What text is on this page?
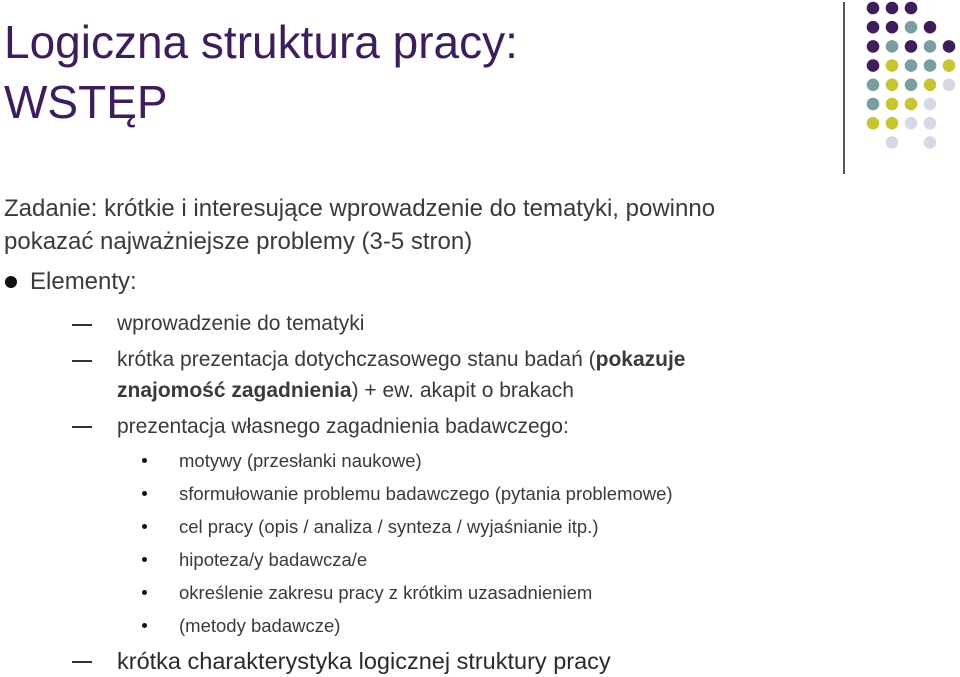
Logiczna struktura pracy:
WSTĘP
Zadanie: krótkie i interesujące wprowadzenie do tematyki, powinno
pokazać najważniejsze problemy (3-5 stron)
Elementy:
wprowadzenie do tematyki
krótka prezentacja dotychczasowego stanu badań (pokazuje
znajomość zagadnienia) + ew. akapit o brakach
prezentacja własnego zagadnienia badawczego:
motywy (przesłanki naukowe)
sformułowanie problemu badawczego (pytania problemowe)
cel pracy (opis / analiza / synteza / wyjaśnianie itp.)
hipoteza/y badawcza/e
określenie zakresu pracy z krótkim uzasadnieniem
(metody badawcze)
krótka charakterystyka logicznej struktury pracy
